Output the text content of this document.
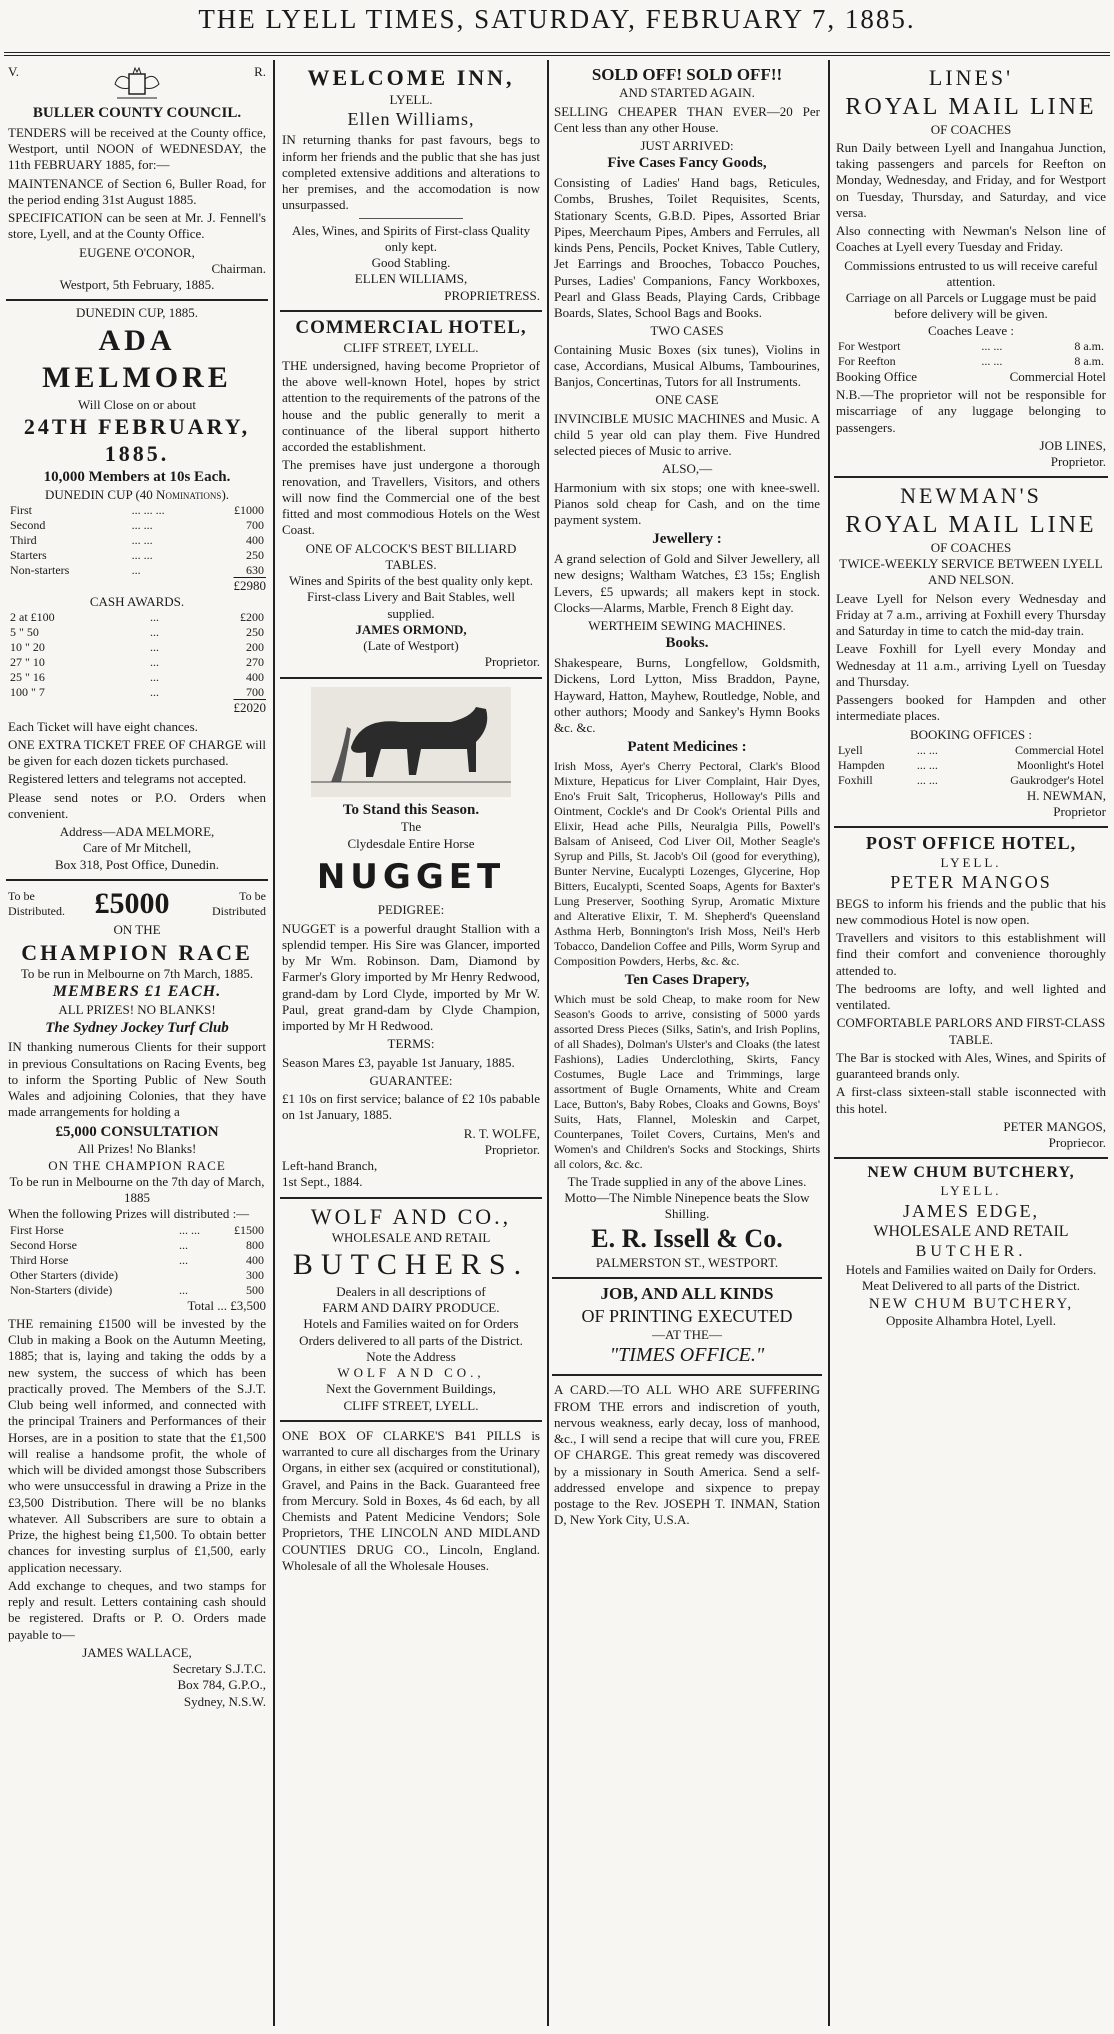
THE LYELL TIMES, SATURDAY, FEBRUARY 7, 1885.
V.	R.
BULLER COUNTY COUNCIL.

TENDERS will be received at the County office, Westport, until NOON of WEDNESDAY, the 11th FEBRUARY 1885, for:—

MAINTENANCE of Section 6, Buller Road, for the period ending 31st August 1885.

SPECIFICATION can be seen at Mr. J. Fennell's store, Lyell, and at the County Office.

EUGENE O'CONOR,
Chairman.
Westport, 5th February, 1885.
DUNEDIN CUP, 1885.
ADA MELMORE
Will Close on or about
24TH FEBRUARY, 1885.
10,000 Members at 10s Each.
DUNEDIN CUP (40 Nominations).
First	... ... ...	£1000
Second	... ...	700
Third	... ...	400
Starters	... ...	250
Non-starters	...	630
£2980
CASH AWARDS.
2 at £100	...	£200
5 " 50	...	250
10 " 20	...	200
27 " 10	...	270
25 " 16	...	400
100 " 7	...	700
£2020

Each Ticket will have eight chances.

ONE EXTRA TICKET FREE OF CHARGE will be given for each dozen tickets purchased.

Registered letters and telegrams not accepted.

Please send notes or P.O. Orders when convenient.

Address—ADA MELMORE,
Care of Mr Mitchell,
Box 318, Post Office, Dunedin.
To be Distributed. £5000	To be Distributed
ON THE
CHAMPION RACE
To be run in Melbourne on 7th March, 1885.
MEMBERS £1 EACH.
ALL PRIZES! NO BLANKS!
The Sydney Jockey Turf Club

IN thanking numerous Clients for their support in previous Consultations on Racing Events, beg to inform the Sporting Public of New South Wales and adjoining Colonies, that they have made arrangements for holding a

£5,000 CONSULTATION
All Prizes! No Blanks!
ON THE CHAMPION RACE
To be run in Melbourne on the 7th day of March, 1885
When the following Prizes will distributed :—
First Horse	... ...	£1500
Second Horse	...	800
Third Horse	...	400
Other Starters (divide)		300
Non-Starters (divide)	...	500
Total ... £3,500

THE remaining £1500 will be invested by the Club in making a Book on the Autumn Meeting, 1885; that is, laying and taking the odds by a new system, the success of which has been practically proved. The Members of the S.J.T. Club being well informed, and connected with the principal Trainers and Performances of their Horses, are in a position to state that the £1,500 will realise a handsome profit, the whole of which will be divided amongst those Subscribers who were unsuccessful in drawing a Prize in the £3,500 Distribution. There will be no blanks whatever. All Subscribers are sure to obtain a Prize, the highest being £1,500. To obtain better chances for investing surplus of £1,500, early application necessary.

Add exchange to cheques, and two stamps for reply and result. Letters containing cash should be registered. Drafts or P. O. Orders made payable to—

JAMES WALLACE,
Secretary S.J.T.C.
Box 784, G.P.O.,
Sydney, N.S.W.
WELCOME INN,
LYELL.
Ellen Williams,

IN returning thanks for past favours, begs to inform her friends and the public that she has just completed extensive additions and alterations to her premises, and the accomodation is now unsurpassed.

Ales, Wines, and Spirits of First-class Quality only kept.
Good Stabling.
ELLEN WILLIAMS,
PROPRIETRESS.
COMMERCIAL HOTEL,
CLIFF STREET, LYELL.

THE undersigned, having become Proprietor of the above well-known Hotel, hopes by strict attention to the requirements of the patrons of the house and the public generally to merit a continuance of the liberal support hitherto accorded the establishment.

The premises have just undergone a thorough renovation, and Travellers, Visitors, and others will now find the Commercial one of the best fitted and most commodious Hotels on the West Coast.

ONE OF ALCOCK'S BEST BILLIARD TABLES.
Wines and Spirits of the best quality only kept.
First-class Livery and Bait Stables, well supplied.
JAMES ORMOND,
(Late of Westport)
Proprietor.
To Stand this Season.
The
Clydesdale Entire Horse
NUGGET
PEDIGREE:

NUGGET is a powerful draught Stallion with a splendid temper. His Sire was Glancer, imported by Mr Wm. Robinson. Dam, Diamond by Farmer's Glory imported by Mr Henry Redwood, grand-dam by Lord Clyde, imported by Mr W. Paul, great grand-dam by Clyde Champion, imported by Mr H Redwood.

TERMS:

Season Mares £3, payable 1st January, 1885.

GUARANTEE:

£1 10s on first service; balance of £2 10s pabable on 1st January, 1885.

R. T. WOLFE,
Proprietor.
Left-hand Branch,
1st Sept., 1884.
WOLF AND CO.,
WHOLESALE AND RETAIL
BUTCHERS.
Dealers in all descriptions of
FARM AND DAIRY PRODUCE.
Hotels and Families waited on for Orders
Orders delivered to all parts of the District.
Note the Address
WOLF AND CO.,
Next the Government Buildings,
CLIFF STREET, LYELL.

ONE BOX OF CLARKE'S B41 PILLS is warranted to cure all discharges from the Urinary Organs, in either sex (acquired or constitutional), Gravel, and Pains in the Back. Guaranteed free from Mercury. Sold in Boxes, 4s 6d each, by all Chemists and Patent Medicine Vendors; Sole Proprietors, THE LINCOLN AND MIDLAND COUNTIES DRUG CO., Lincoln, England. Wholesale of all the Wholesale Houses.

SOLD OFF! SOLD OFF!!
AND STARTED AGAIN.

SELLING CHEAPER THAN EVER—20 Per Cent less than any other House.

JUST ARRIVED:
Five Cases Fancy Goods,

Consisting of Ladies' Hand bags, Reticules, Combs, Brushes, Toilet Requisites, Scents, Stationary Scents, G.B.D. Pipes, Assorted Briar Pipes, Meerchaum Pipes, Ambers and Ferrules, all kinds Pens, Pencils, Pocket Knives, Table Cutlery, Jet Earrings and Brooches, Tobacco Pouches, Purses, Ladies' Companions, Fancy Workboxes, Pearl and Glass Beads, Playing Cards, Cribbage Boards, Slates, School Bags and Books.

TWO CASES

Containing Music Boxes (six tunes), Violins in case, Accordians, Musical Albums, Tambourines, Banjos, Concertinas, Tutors for all Instruments.

ONE CASE

INVINCIBLE MUSIC MACHINES and Music. A child 5 year old can play them. Five Hundred selected pieces of Music to arrive.

ALSO,—

Harmonium with six stops; one with knee-swell. Pianos sold cheap for Cash, and on the time payment system.

Jewellery :

A grand selection of Gold and Silver Jewellery, all new designs; Waltham Watches, £3 15s; English Levers, £5 upwards; all makers kept in stock. Clocks—Alarms, Marble, French 8 Eight day.

WERTHEIM SEWING MACHINES.
Books.

Shakespeare, Burns, Longfellow, Goldsmith, Dickens, Lord Lytton, Miss Braddon, Payne, Hayward, Hatton, Mayhew, Routledge, Noble, and other authors; Moody and Sankey's Hymn Books &c. &c.

Patent Medicines :

Irish Moss, Ayer's Cherry Pectoral, Clark's Blood Mixture, Hepaticus for Liver Complaint, Hair Dyes, Eno's Fruit Salt, Tricopherus, Holloway's Pills and Ointment, Cockle's and Dr Cook's Oriental Pills and Elixir, Head ache Pills, Neuralgia Pills, Powell's Balsam of Aniseed, Cod Liver Oil, Mother Seagle's Syrup and Pills, St. Jacob's Oil (good for everything), Bunter Nervine, Eucalypti Lozenges, Glycerine, Hop Bitters, Eucalypti, Scented Soaps, Agents for Baxter's Lung Preserver, Soothing Syrup, Aromatic Mixture and Alterative Elixir, T. M. Shepherd's Queensland Asthma Herb, Bonnington's Irish Moss, Neil's Herb Tobacco, Dandelion Coffee and Pills, Worm Syrup and Composition Powders, Herbs, &c. &c.

Ten Cases Drapery,

Which must be sold Cheap, to make room for New Season's Goods to arrive, consisting of 5000 yards assorted Dress Pieces (Silks, Satin's, and Irish Poplins, of all Shades), Dolman's Ulster's and Cloaks (the latest Fashions), Ladies Underclothing, Skirts, Fancy Costumes, Bugle Lace and Trimmings, large assortment of Bugle Ornaments, White and Cream Lace, Button's, Baby Robes, Cloaks and Gowns, Boys' Suits, Hats, Flannel, Moleskin and Carpet, Counterpanes, Toilet Covers, Curtains, Men's and Women's and Children's Socks and Stockings, Shirts all colors, &c. &c.

The Trade supplied in any of the above Lines.
Motto—The Nimble Ninepence beats the Slow Shilling.
E. R. Issell & Co.
PALMERSTON ST., WESTPORT.
JOB, AND ALL KINDS
OF PRINTING EXECUTED
—AT THE—
"TIMES OFFICE."

A CARD.—TO ALL WHO ARE SUFFERING FROM THE errors and indiscretion of youth, nervous weakness, early decay, loss of manhood, &c., I will send a recipe that will cure you, FREE OF CHARGE. This great remedy was discovered by a missionary in South America. Send a self-addressed envelope and sixpence to prepay postage to the Rev. JOSEPH T. INMAN, Station D, New York City, U.S.A.

LINES'
ROYAL MAIL LINE
OF COACHES

Run Daily between Lyell and Inangahua Junction, taking passengers and parcels for Reefton on Monday, Wednesday, and Friday, and for Westport on Tuesday, Thursday, and Saturday, and vice versa.

Also connecting with Newman's Nelson line of Coaches at Lyell every Tuesday and Friday.

Commissions entrusted to us will receive careful attention.
Carriage on all Parcels or Luggage must be paid before delivery will be given.
Coaches Leave :
For Westport	... ...	8 a.m.
For Reefton	... ...	8 a.m.
Booking Office	Commercial Hotel

N.B.—The proprietor will not be responsible for miscarriage of any luggage belonging to passengers.

JOB LINES,
Proprietor.
NEWMAN'S
ROYAL MAIL LINE
OF COACHES
TWICE-WEEKLY SERVICE BETWEEN LYELL AND NELSON.

Leave Lyell for Nelson every Wednesday and Friday at 7 a.m., arriving at Foxhill every Thursday and Saturday in time to catch the mid-day train.

Leave Foxhill for Lyell every Monday and Wednesday at 11 a.m., arriving Lyell on Tuesday and Thursday.

Passengers booked for Hampden and other intermediate places.

BOOKING OFFICES :
Lyell	... ...	Commercial Hotel
Hampden	... ...	Moonlight's Hotel
Foxhill	... ...	Gaukrodger's Hotel
H. NEWMAN,
Proprietor
POST OFFICE HOTEL,
LYELL.
PETER MANGOS

BEGS to inform his friends and the public that his new commodious Hotel is now open.

Travellers and visitors to this establishment will find their comfort and convenience thoroughly attended to.

The bedrooms are lofty, and well lighted and ventilated.

COMFORTABLE PARLORS AND FIRST-CLASS TABLE.

The Bar is stocked with Ales, Wines, and Spirits of guaranteed brands only.

A first-class sixteen-stall stable isconnected with this hotel.

PETER MANGOS,
Propriecor.
NEW CHUM BUTCHERY,
LYELL.
JAMES EDGE,
WHOLESALE AND RETAIL
BUTCHER.
Hotels and Families waited on Daily for Orders.
Meat Delivered to all parts of the District.
NEW CHUM BUTCHERY,
Opposite Alhambra Hotel, Lyell.
